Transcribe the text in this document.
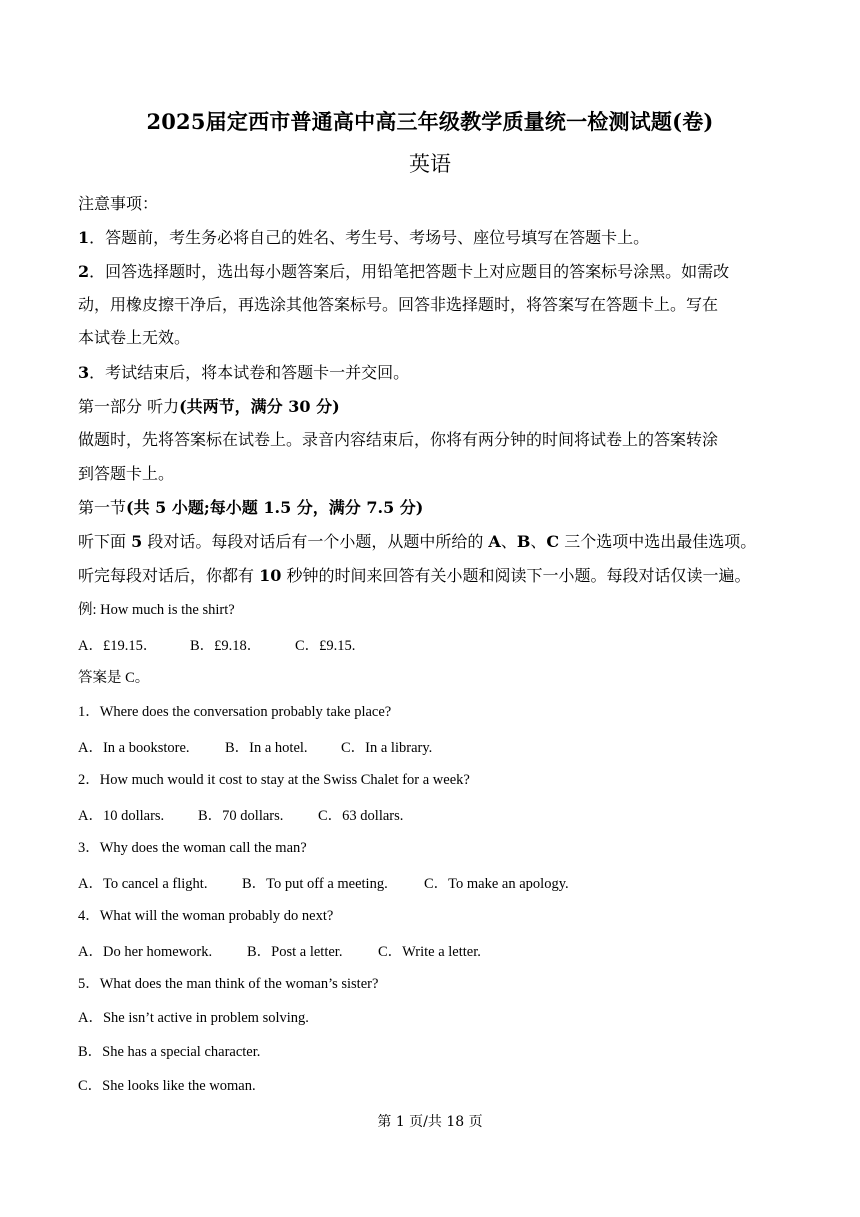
2025届定西市普通高中高三年级教学质量统一检测试题(卷)
英语
注意事项：
1．答题前，考生务必将自己的姓名、考生号、考场号、座位号填写在答题卡上。
2．回答选择题时，选出每小题答案后，用铅笔把答题卡上对应题目的答案标号涂黑。如需改
动，用橡皮擦干净后，再选涂其他答案标号。回答非选择题时，将答案写在答题卡上。写在
本试卷上无效。
3．考试结束后，将本试卷和答题卡一并交回。
第一部分 听力(共两节，满分 30 分)
做题时，先将答案标在试卷上。录音内容结束后，你将有两分钟的时间将试卷上的答案转涂
到答题卡上。
第一节(共 5 小题;每小题 1.5 分，满分 7.5 分)
听下面 5 段对话。每段对话后有一个小题，从题中所给的 A、B、C 三个选项中选出最佳选项。
听完每段对话后，你都有 10 秒钟的时间来回答有关小题和阅读下一小题。每段对话仅读一遍。
例: How much is the shirt?
A．£19.15． B．£9.18． C．£9.15.
答案是 C。
1．Where does the conversation probably take place?
A．In a bookstore. B．In a hotel. C．In a library.
2．How much would it cost to stay at the Swiss Chalet for a week?
A．10 dollars. B．70 dollars. C．63 dollars.
3．Why does the woman call the man?
A．To cancel a flight. B．To put off a meeting.	C．To make an apology.
4．What will the woman probably do next?
A．Do her homework. B．Post a letter. C．Write a letter.
5．What does the man think of the woman’s sister?
A．She isn’t active in problem solving.
B．She has a special character.
C．She looks like the woman.
第 1 页/共 18 页
